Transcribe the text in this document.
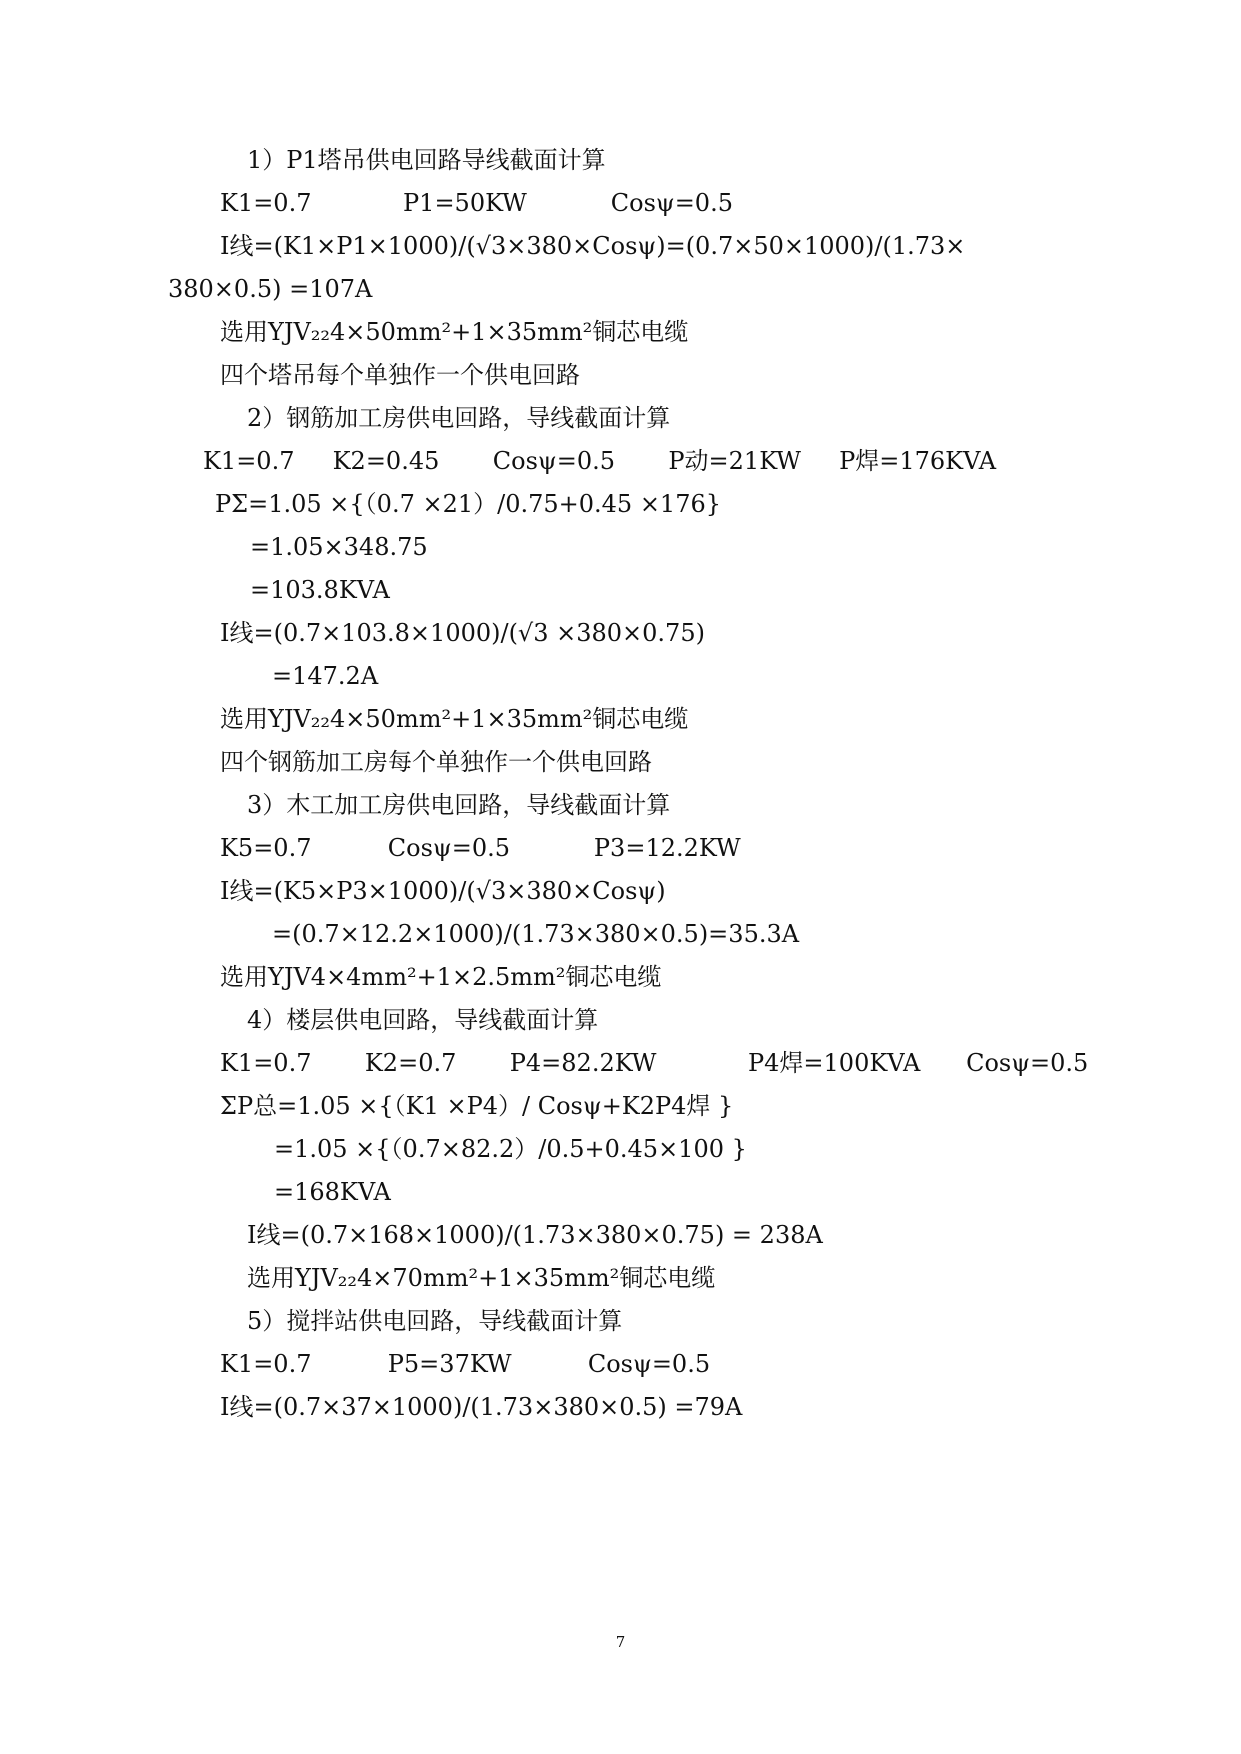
1）P1塔吊供电回路导线截面计算
K1=0.7            P1=50KW           Cosψ=0.5
I线=(K1×P1×1000)/(√3×380×Cosψ)=(0.7×50×1000)/(1.73×
380×0.5) =107A
选用YJV₂₂4×50mm²+1×35mm²铜芯电缆
四个塔吊每个单独作一个供电回路
2）钢筋加工房供电回路，导线截面计算
K1=0.7     K2=0.45       Cosψ=0.5       P动=21KW     P焊=176KVA
PΣ=1.05 ×{（0.7 ×21）/0.75+0.45 ×176}
=1.05×348.75
=103.8KVA
I线=(0.7×103.8×1000)/(√3 ×380×0.75)
=147.2A
选用YJV₂₂4×50mm²+1×35mm²铜芯电缆
四个钢筋加工房每个单独作一个供电回路
3）木工加工房供电回路，导线截面计算
K5=0.7          Cosψ=0.5           P3=12.2KW
I线=(K5×P3×1000)/(√3×380×Cosψ)
=(0.7×12.2×1000)/(1.73×380×0.5)=35.3A
选用YJV4×4mm²+1×2.5mm²铜芯电缆
4）楼层供电回路，导线截面计算
K1=0.7       K2=0.7       P4=82.2KW            P4焊=100KVA      Cosψ=0.5
ΣP总=1.05 ×{（K1 ×P4）/ Cosψ+K2P4焊 }
=1.05 ×{（0.7×82.2）/0.5+0.45×100 }
=168KVA
I线=(0.7×168×1000)/(1.73×380×0.75) = 238A
选用YJV₂₂4×70mm²+1×35mm²铜芯电缆
5）搅拌站供电回路，导线截面计算
K1=0.7          P5=37KW          Cosψ=0.5
I线=(0.7×37×1000)/(1.73×380×0.5) =79A
7
